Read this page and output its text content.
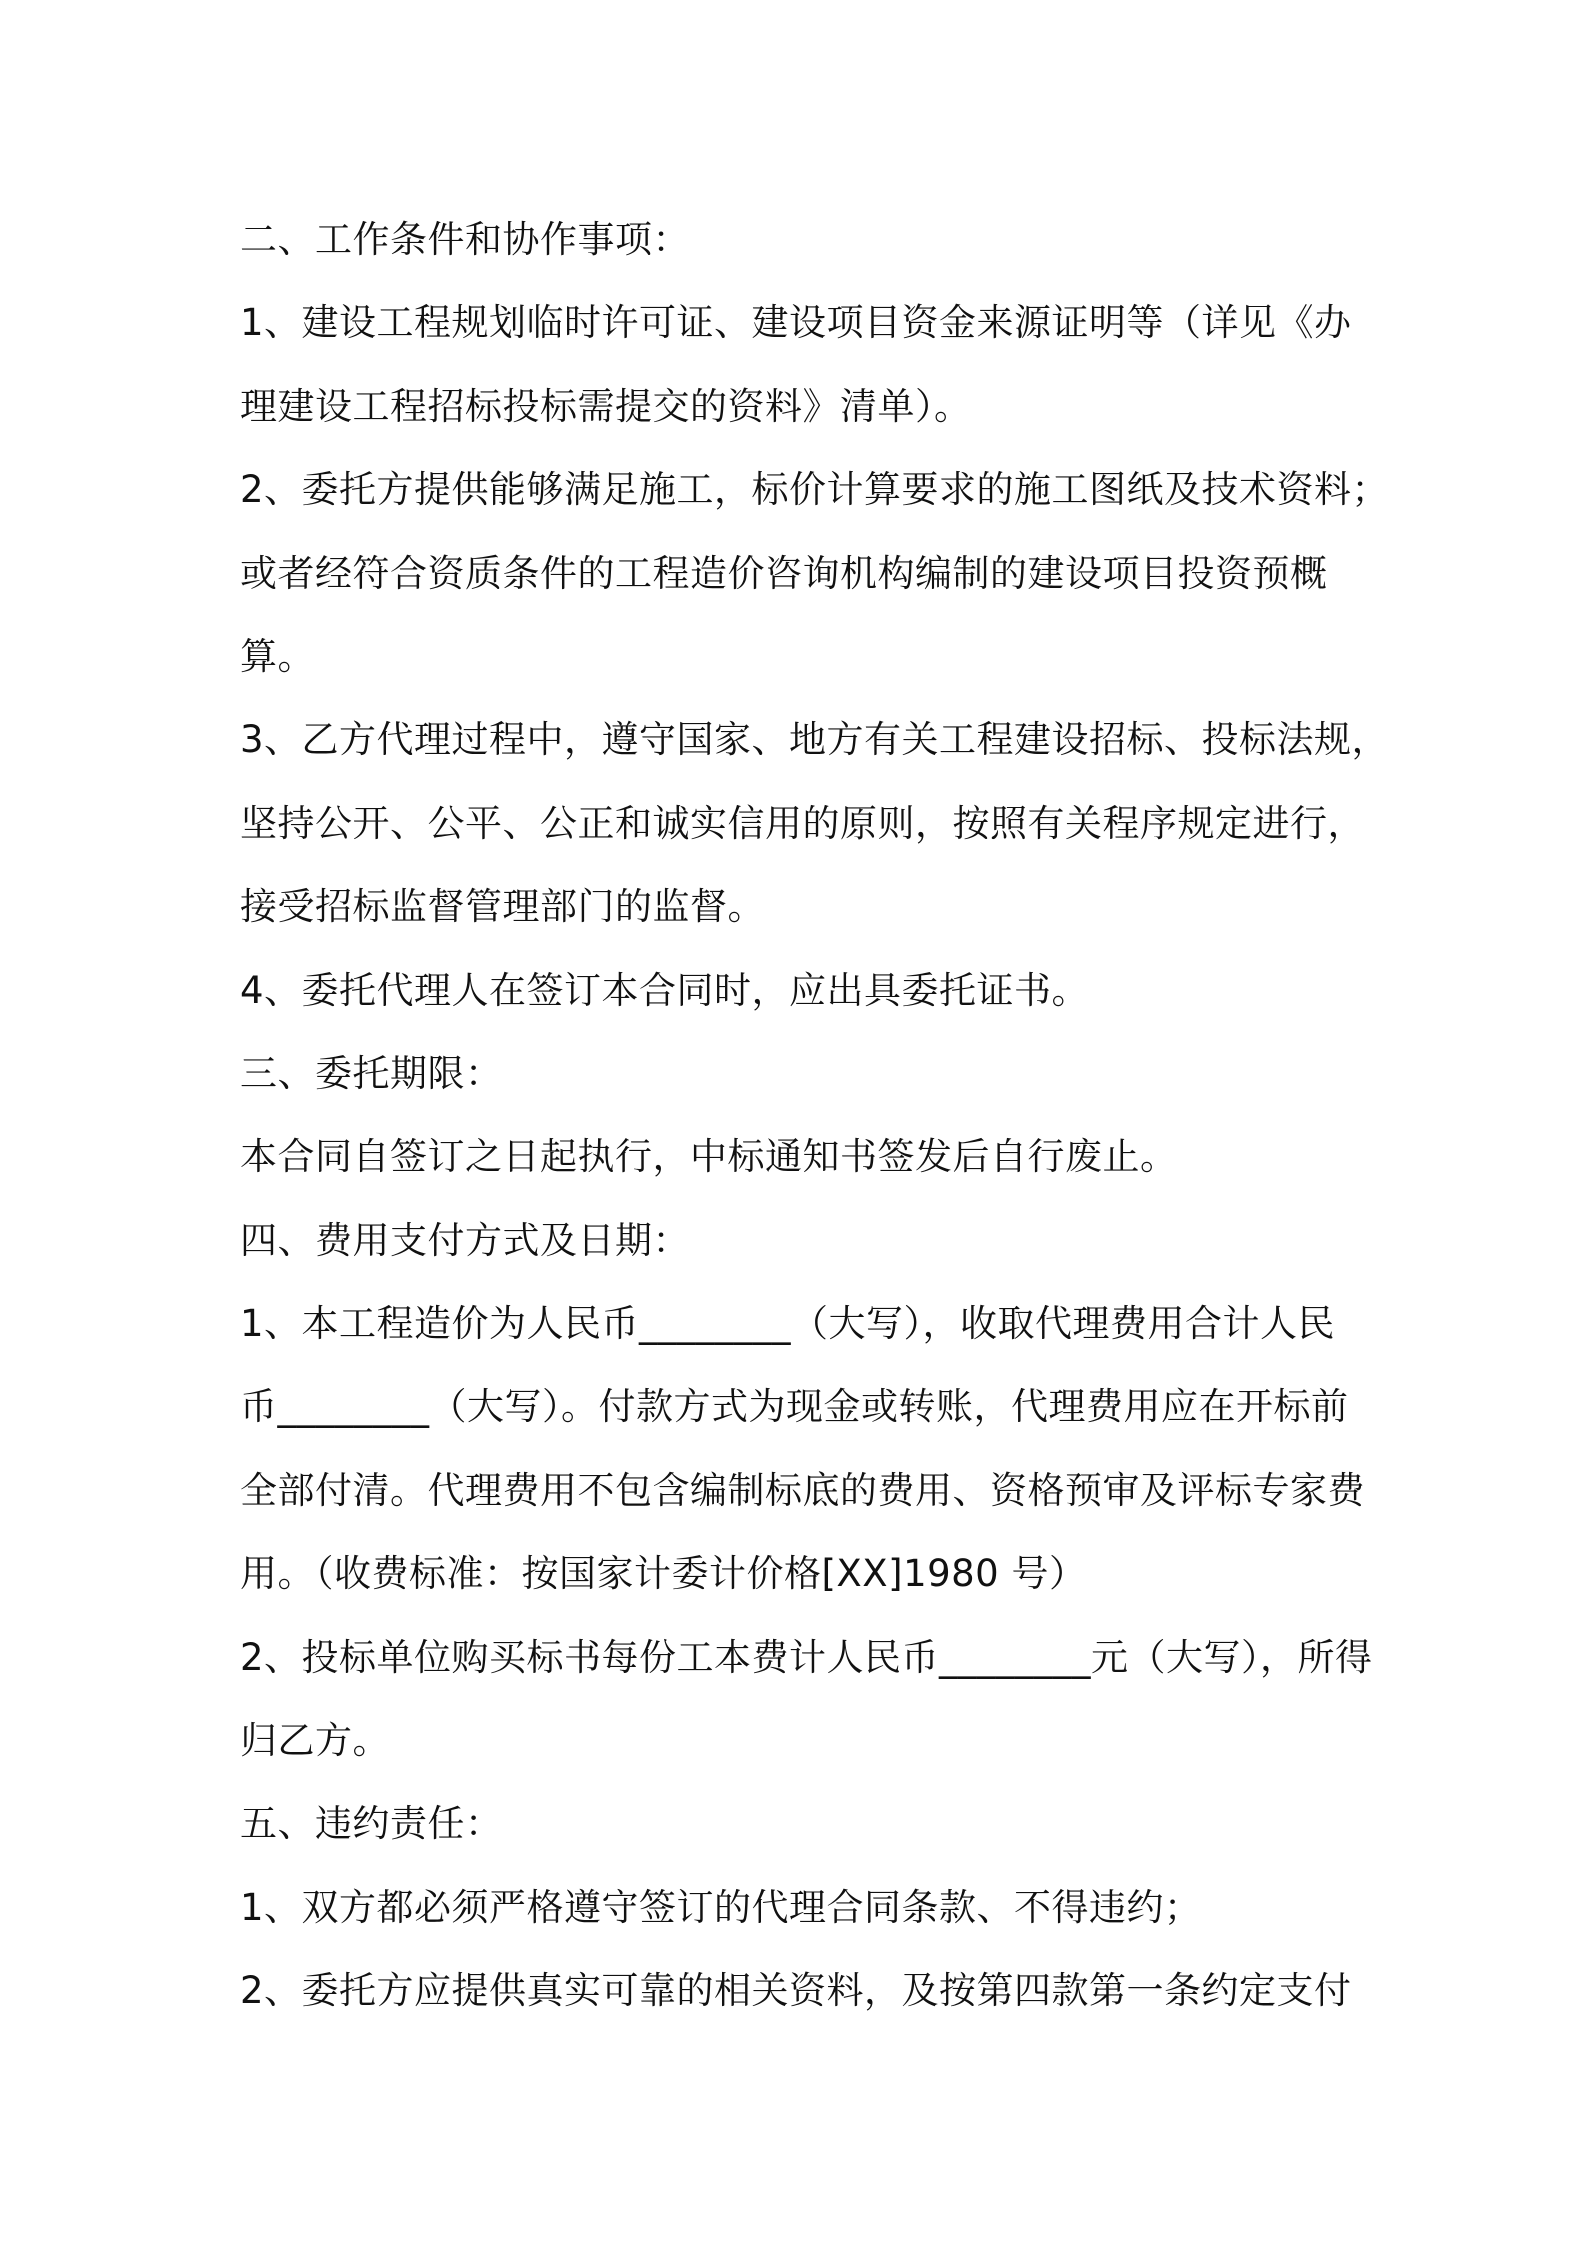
二、工作条件和协作事项：
1、建设工程规划临时许可证、建设项目资金来源证明等（详见《办
理建设工程招标投标需提交的资料》清单）。
2、委托方提供能够满足施工，标价计算要求的施工图纸及技术资料；
或者经符合资质条件的工程造价咨询机构编制的建设项目投资预概
算。
3、乙方代理过程中，遵守国家、地方有关工程建设招标、投标法规，
坚持公开、公平、公正和诚实信用的原则，按照有关程序规定进行，
接受招标监督管理部门的监督。
4、委托代理人在签订本合同时，应出具委托证书。
三、委托期限：
本合同自签订之日起执行，中标通知书签发后自行废止。
四、费用支付方式及日期：
1、本工程造价为人民币________（大写），收取代理费用合计人民
币________（大写）。付款方式为现金或转账，代理费用应在开标前
全部付清。代理费用不包含编制标底的费用、资格预审及评标专家费
用。（收费标准：按国家计委计价格[XX]1980 号）
2、投标单位购买标书每份工本费计人民币________元（大写），所得
归乙方。
五、违约责任：
1、双方都必须严格遵守签订的代理合同条款、不得违约；
2、委托方应提供真实可靠的相关资料，及按第四款第一条约定支付
